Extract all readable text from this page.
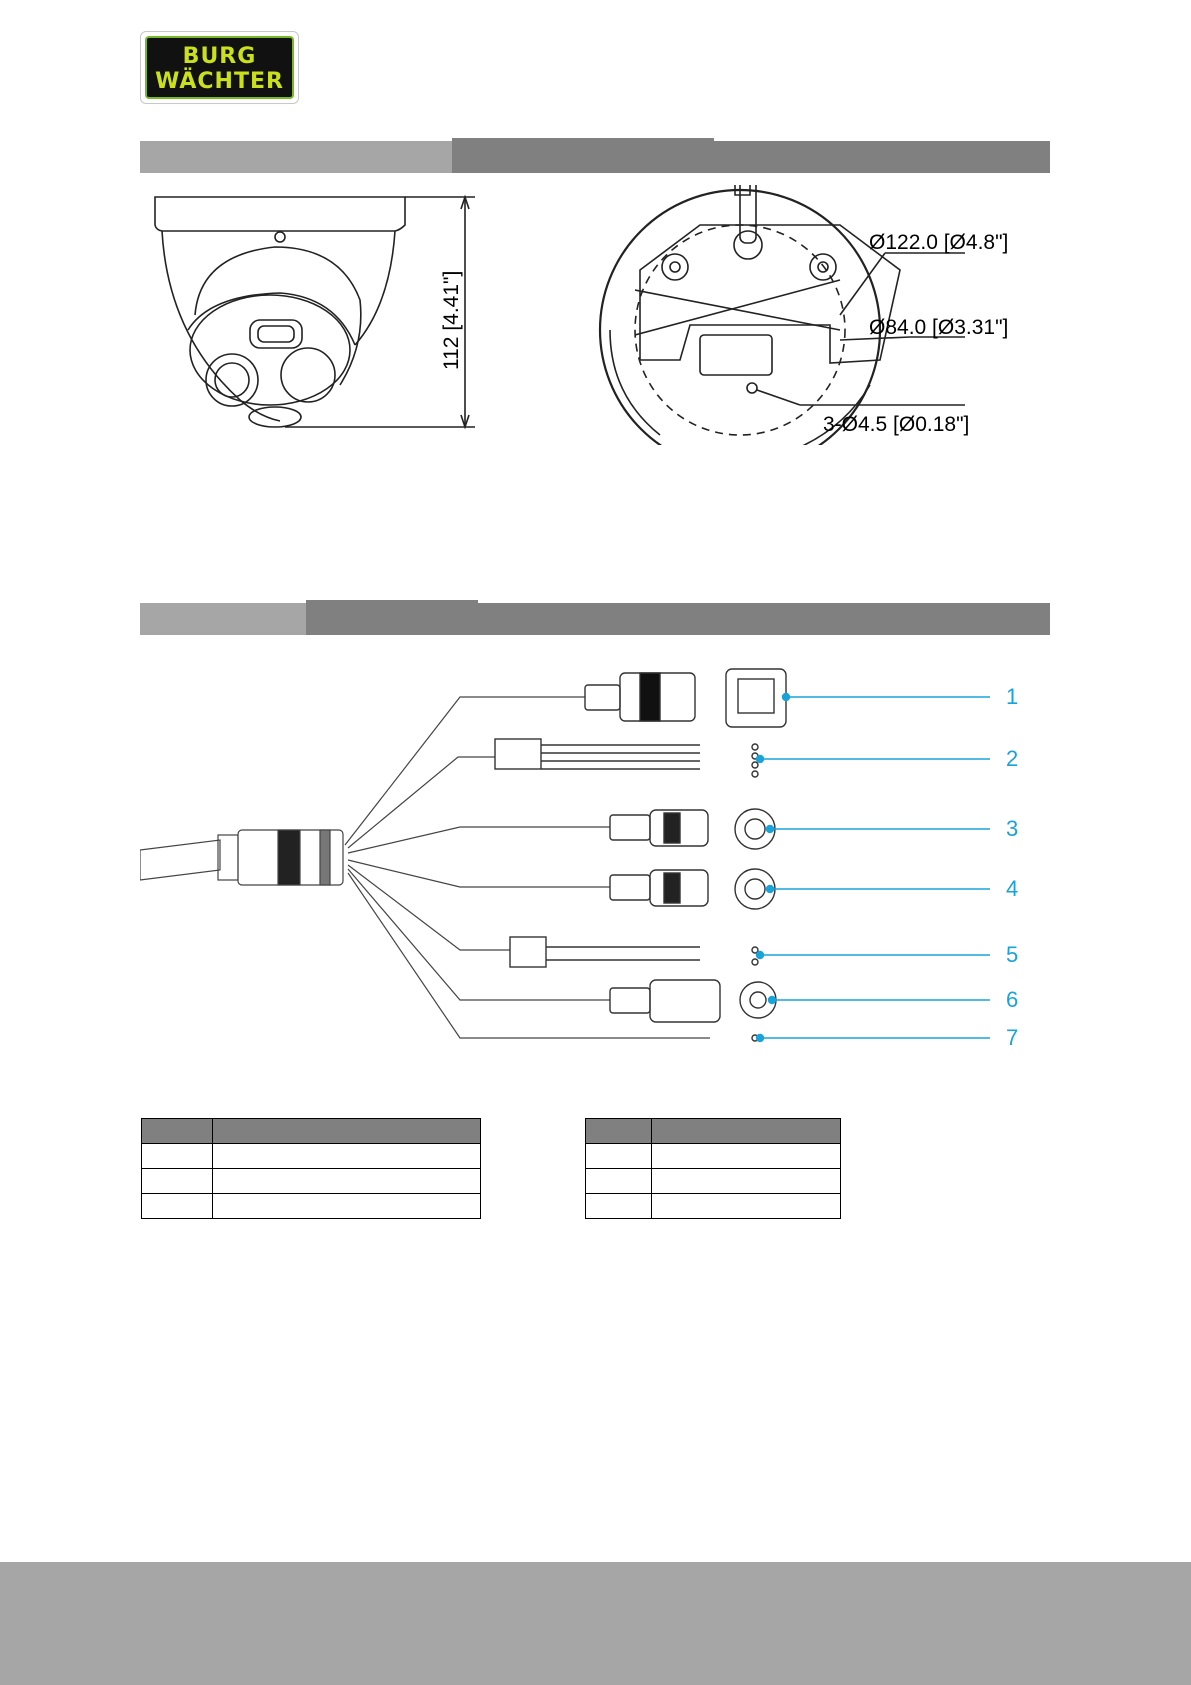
BURG
WÄCHTER
112 [4.41"]
Ø122.0 [Ø4.8"]
Ø84.0 [Ø3.31"]
3-Ø4.5 [Ø0.18"]
1
2
3
4
5
6
7
